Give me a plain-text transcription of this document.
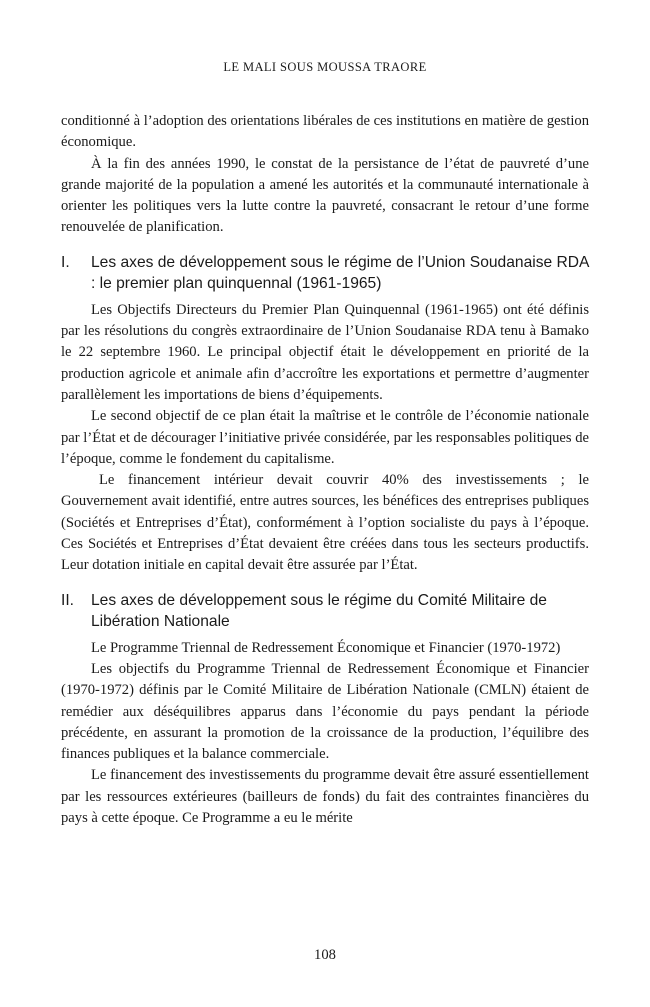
LE MALI SOUS MOUSSA TRAORE

conditionné à l’adoption des orientations libérales de ces institutions en matière de gestion économique.

À la fin des années 1990, le constat de la persistance de l’état de pauvreté d’une grande majorité de la population a amené les autorités et la communauté internationale à orienter les politiques vers la lutte contre la pauvreté, consacrant le retour d’une forme renouvelée de planification.

I.	Les axes de développement sous le régime de l’Union Soudanaise RDA : le premier plan quinquennal (1961-1965)

Les Objectifs Directeurs du Premier Plan Quinquennal (1961-1965) ont été définis par les résolutions du congrès extraordinaire de l’Union Soudanaise RDA tenu à Bamako le 22 septembre 1960. Le principal objectif était le développement en priorité de la production agricole et animale afin d’accroître les exportations et permettre d’augmenter parallèlement les importations de biens d’équipements.

Le second objectif de ce plan était la maîtrise et le contrôle de l’économie nationale par l’État et de décourager l’initiative privée considérée, par les responsables politiques de l’époque, comme le fondement du capitalisme.

Le financement intérieur devait couvrir 40% des investissements ; le Gouvernement avait identifié, entre autres sources, les bénéfices des entreprises publiques (Sociétés et Entreprises d’État), conformément à l’option socialiste du pays à l’époque. Ces Sociétés et Entreprises d’État devaient être créées dans tous les secteurs productifs. Leur dotation initiale en capital devait être assurée par l’État.

II.	Les axes de développement sous le régime du Comité Militaire de Libération Nationale

Le Programme Triennal de Redressement Économique et Financier (1970-1972)

Les objectifs du Programme Triennal de Redressement Économique et Financier (1970-1972) définis par le Comité Militaire de Libération Nationale (CMLN) étaient de remédier aux déséquilibres apparus dans l’économie du pays pendant la période précédente, en assurant la promotion de la croissance de la production, l’équilibre des finances publiques et la balance commerciale.

Le financement des investissements du programme devait être assuré essentiellement par les ressources extérieures (bailleurs de fonds) du fait des contraintes financières du pays à cette époque. Ce Programme a eu le mérite

108
